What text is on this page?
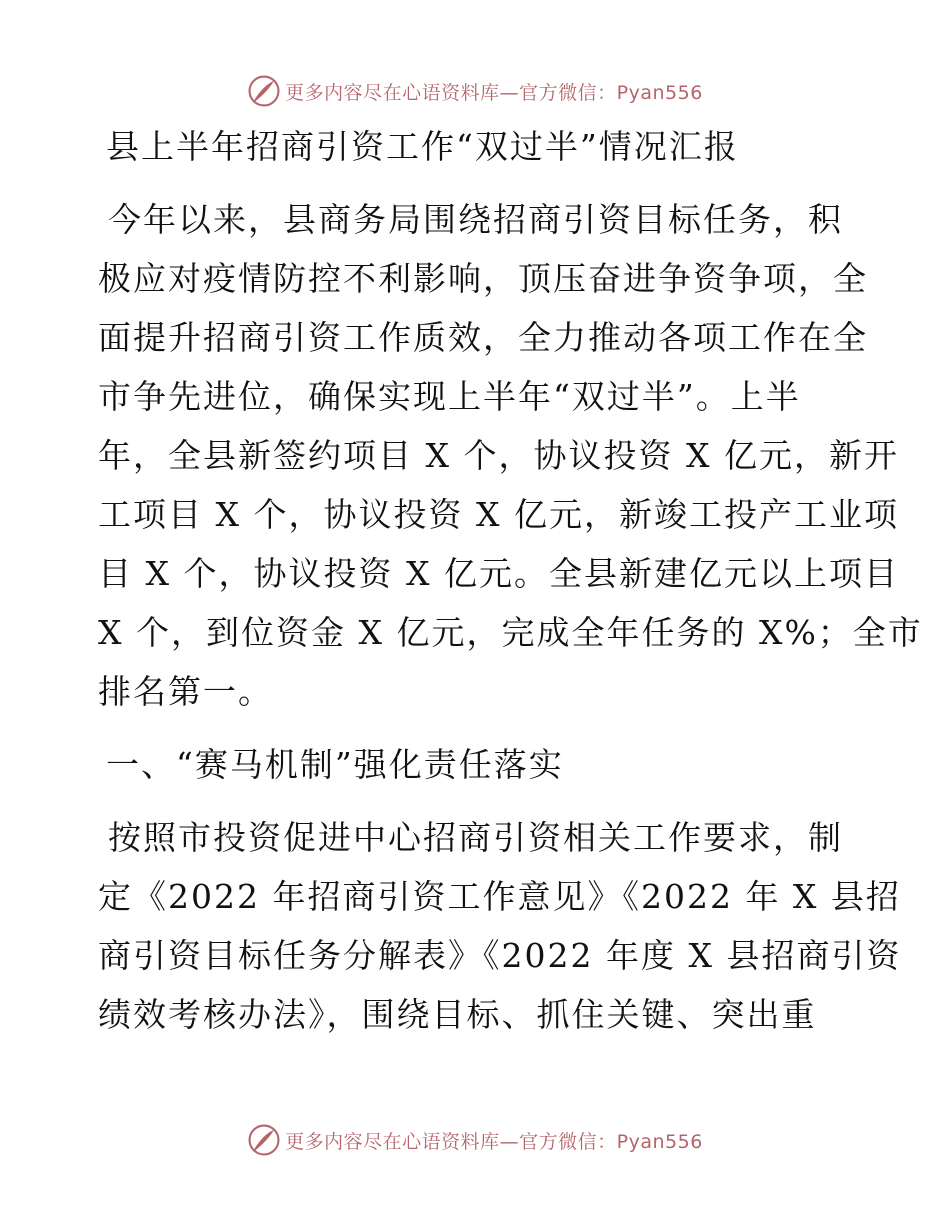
更多内容尽在心语资料库—官方微信：Pyan556
县上半年招商引资工作“双过半”情况汇报
今年以来，县商务局围绕招商引资目标任务，积
极应对疫情防控不利影响，顶压奋进争资争项，全
面提升招商引资工作质效，全力推动各项工作在全
市争先进位，确保实现上半年“双过半”。上半
年，全县新签约项目 X 个，协议投资 X 亿元，新开
工项目 X 个，协议投资 X 亿元，新竣工投产工业项
目 X 个，协议投资 X 亿元。全县新建亿元以上项目
X 个，到位资金 X 亿元，完成全年任务的 X%；全市
排名第一。
一、“赛马机制”强化责任落实
按照市投资促进中心招商引资相关工作要求，制
定《2022 年招商引资工作意见》《2022 年 X 县招
商引资目标任务分解表》《2022 年度 X 县招商引资
绩效考核办法》，围绕目标、抓住关键、突出重
更多内容尽在心语资料库—官方微信：Pyan556
